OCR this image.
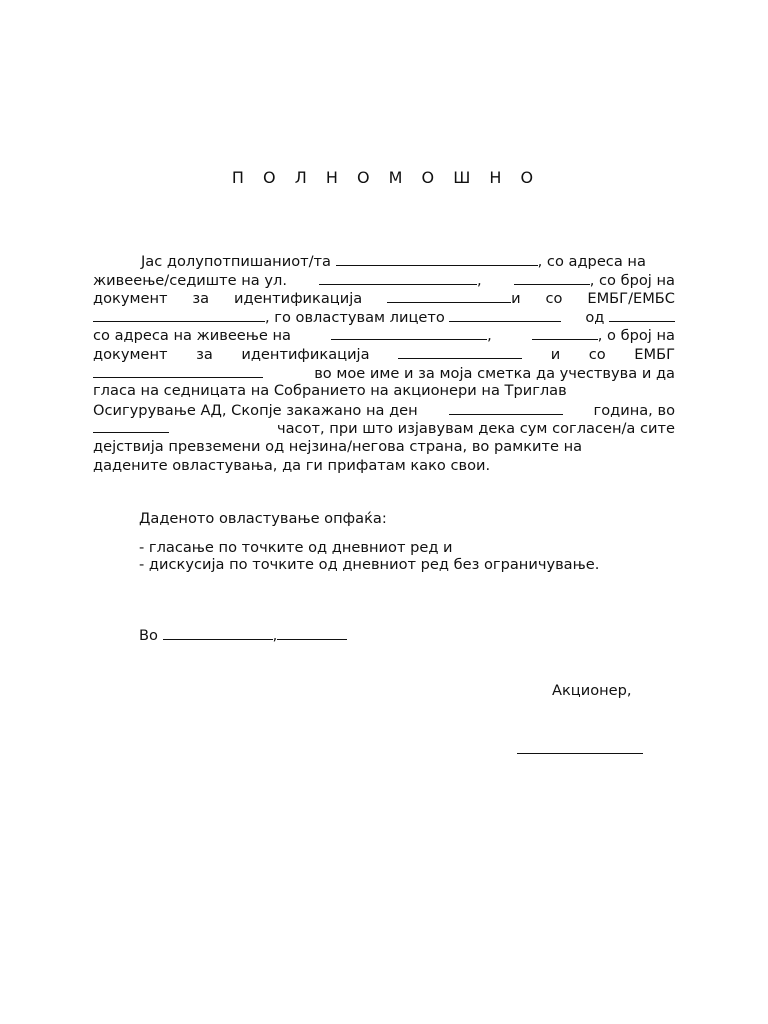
П О Л Н О М О Ш Н О
Јас долупотпишаниот/та	, со адреса на
живеење/седиште на ул.	,	, со број на
документ за идентификација	и со ЕМБГ/ЕМБС
, го овластувам лицето	од
со адреса на живеење на	,	, о број на
документ за идентификација	и со ЕМБГ
во мое име и за моја сметка да учествува и да
гласа на седницата на Собранието на акционери на Триглав
Осигурување АД, Скопје закажано на ден	година, во
часот, при што изјавувам дека сум согласен/а сите
дејствија превземени од нејзина/негова страна, во рамките на
дадените овластувања, да ги прифатам како свои.
Даденото овластување опфаќа:
- гласање по точките од дневниот ред и
- дискусија по точките од дневниот ред без ограничување.
Во	,
Акционер,
